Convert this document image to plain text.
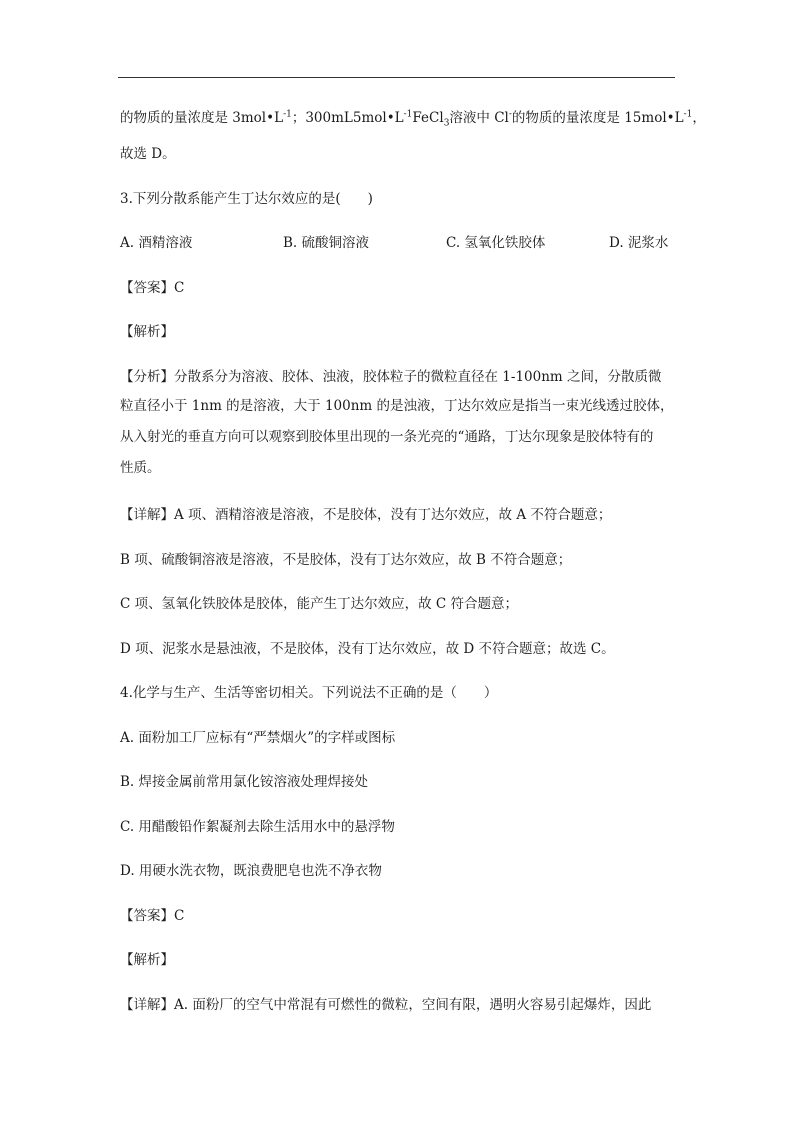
的物质的量浓度是 $3mol•L^{-1}$；$300mL5mol•L^{-1}FeCl_3$溶液中 Cl-的物质的量浓度是 $15mol•L^{-1}$，
故选 D。
3.下列分散系能产生丁达尔效应的是(　　)
A. 酒精溶液	B. 硫酸铜溶液	C. 氢氧化铁胶体	D. 泥浆水
【答案】C
【解析】
【分析】分散系分为溶液、胶体、浊液，胶体粒子的微粒直径在 1-100nm 之间，分散质微
粒直径小于 1nm 的是溶液，大于 100nm 的是浊液，丁达尔效应是指当一束光线透过胶体，
从入射光的垂直方向可以观察到胶体里出现的一条光亮的“通路，丁达尔现象是胶体特有的
性质。
【详解】A 项、酒精溶液是溶液，不是胶体，没有丁达尔效应，故 A 不符合题意；
B 项、硫酸铜溶液是溶液，不是胶体，没有丁达尔效应，故 B 不符合题意；
C 项、氢氧化铁胶体是胶体，能产生丁达尔效应，故 C 符合题意；
D 项、泥浆水是悬浊液，不是胶体，没有丁达尔效应，故 D 不符合题意；故选 C。
4.化学与生产、生活等密切相关。下列说法不正确的是（　　）
A. 面粉加工厂应标有“严禁烟火”的字样或图标
B. 焊接金属前常用氯化铵溶液处理焊接处
C. 用醋酸铅作絮凝剂去除生活用水中的悬浮物
D. 用硬水洗衣物，既浪费肥皂也洗不净衣物
【答案】C
【解析】
【详解】A. 面粉厂的空气中常混有可燃性的微粒，空间有限，遇明火容易引起爆炸，因此
